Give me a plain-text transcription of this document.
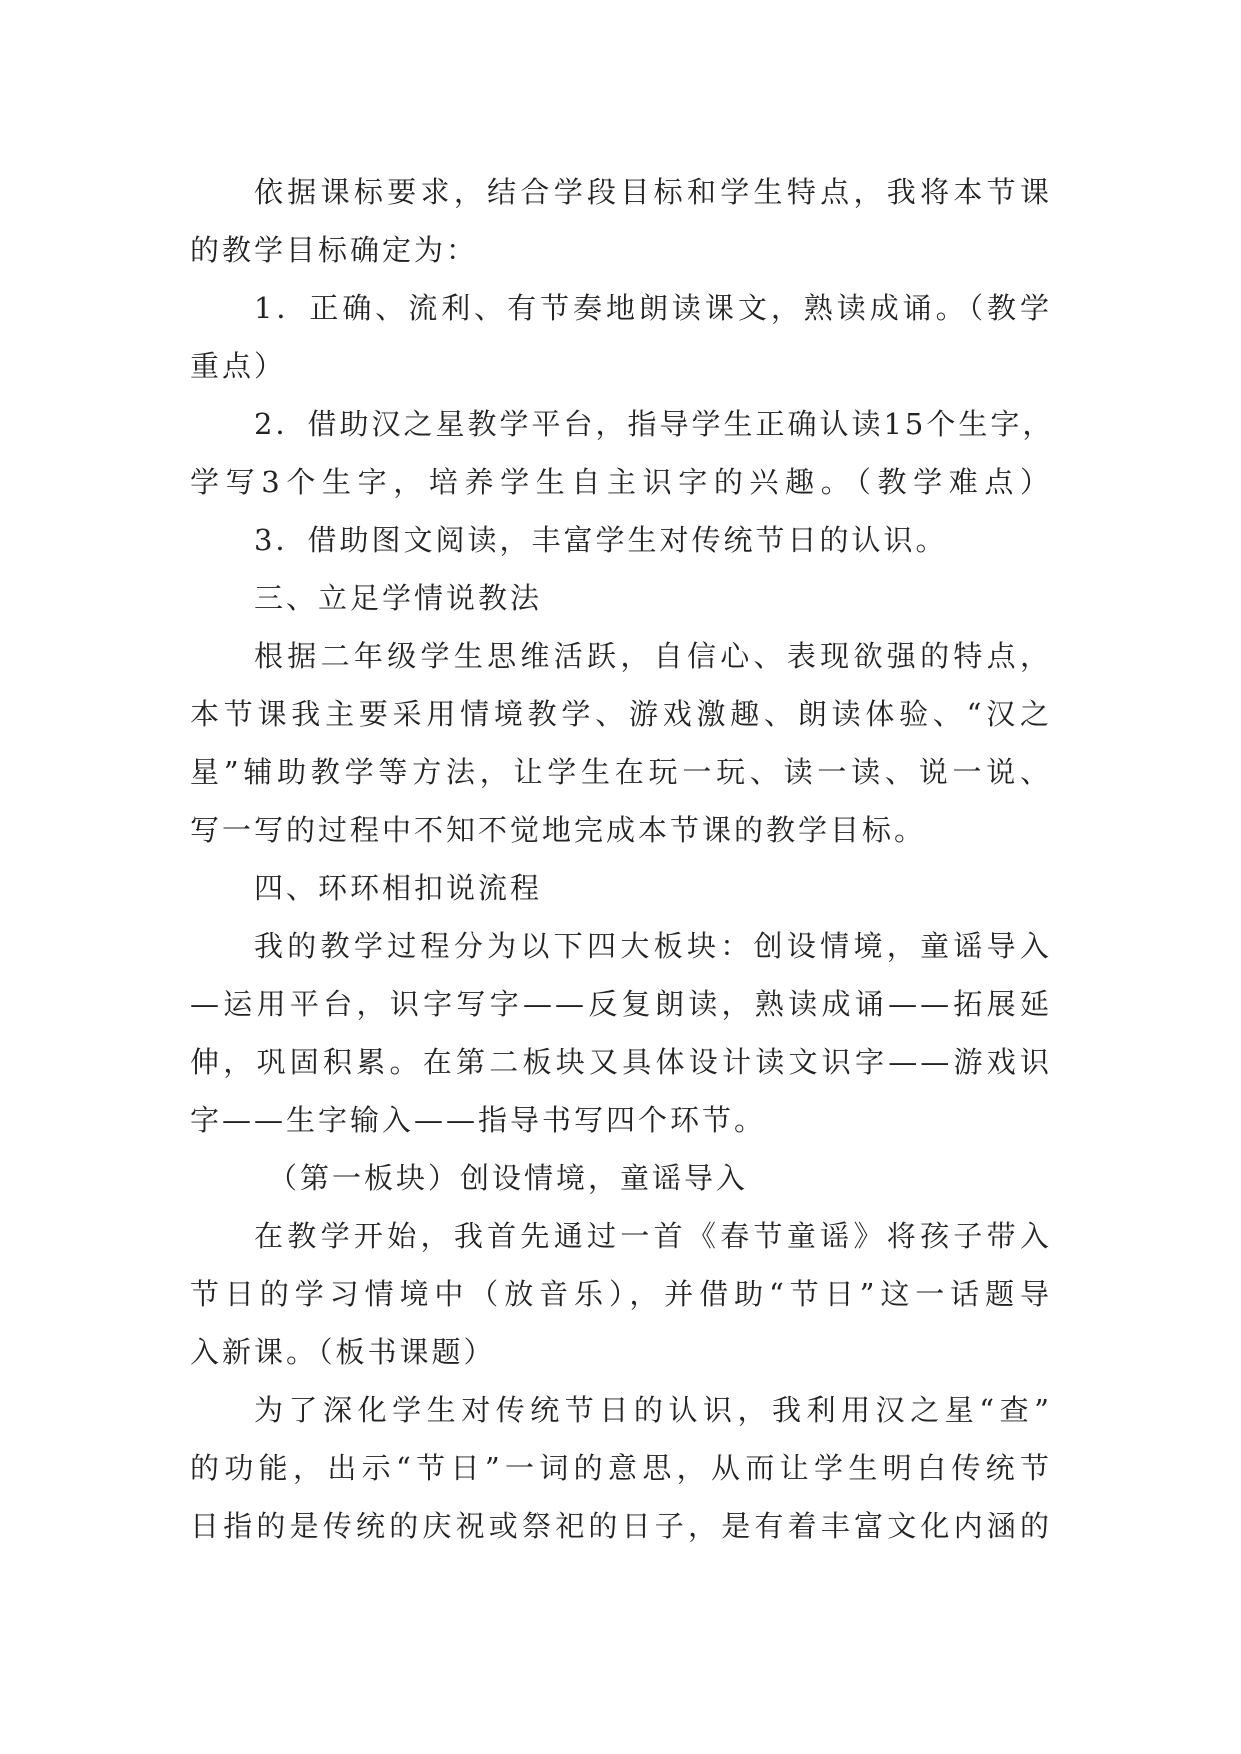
依据课标要求，结合学段目标和学生特点，我将本节课
的教学目标确定为：
1．正确、流利、有节奏地朗读课文，熟读成诵。（教学
重点）
2．借助汉之星教学平台，指导学生正确认读15个生字，
学写3个生字，培养学生自主识字的兴趣。（教学难点）
3．借助图文阅读，丰富学生对传统节日的认识。
三、立足学情说教法
根据二年级学生思维活跃，自信心、表现欲强的特点，
本节课我主要采用情境教学、游戏激趣、朗读体验、“汉之
星”辅助教学等方法，让学生在玩一玩、读一读、说一说、
写一写的过程中不知不觉地完成本节课的教学目标。
四、环环相扣说流程
我的教学过程分为以下四大板块：创设情境，童谣导入
—运用平台，识字写字——反复朗读，熟读成诵——拓展延
伸，巩固积累。在第二板块又具体设计读文识字——游戏识
字——生字输入——指导书写四个环节。
（第一板块）创设情境，童谣导入
在教学开始，我首先通过一首《春节童谣》将孩子带入
节日的学习情境中（放音乐），并借助“节日”这一话题导
入新课。（板书课题）
为了深化学生对传统节日的认识，我利用汉之星“查”
的功能，出示“节日”一词的意思，从而让学生明白传统节
日指的是传统的庆祝或祭祀的日子，是有着丰富文化内涵的
